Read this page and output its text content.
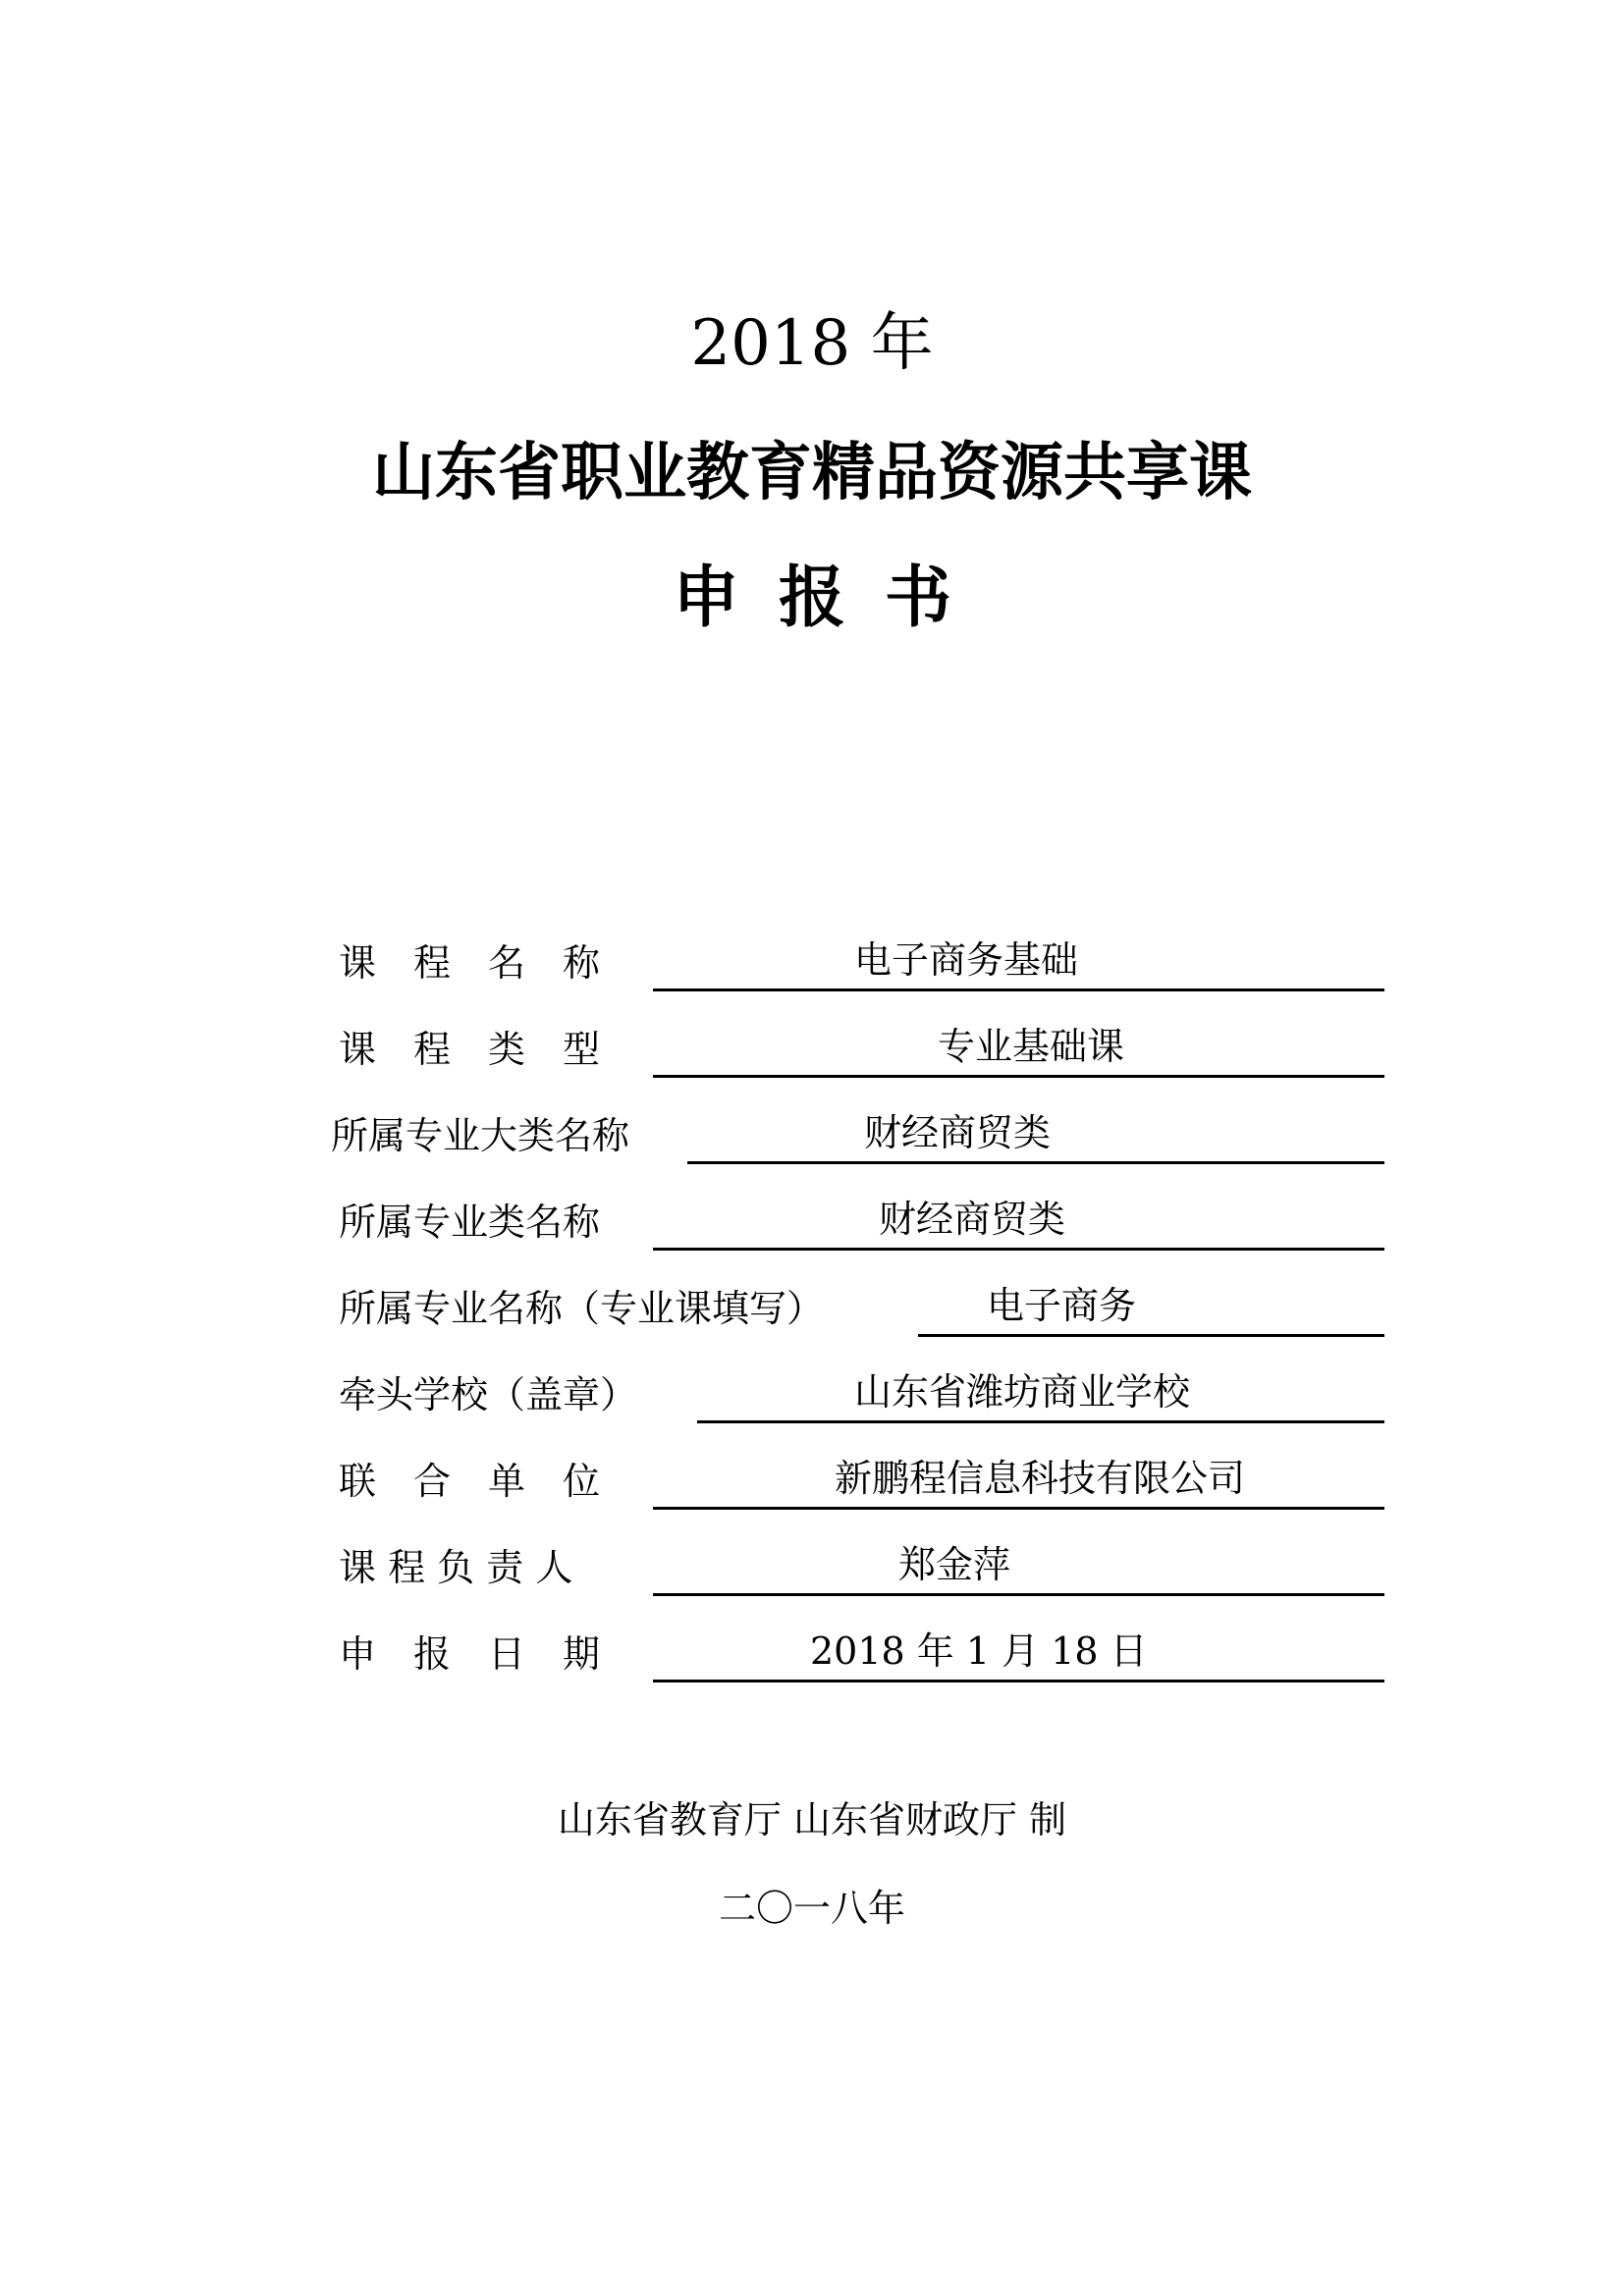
2018 年
山东省职业教育精品资源共享课
申报书
课　程　名　称	电子商务基础
课　程　类　型	专业基础课
所属专业大类名称	财经商贸类
所属专业类名称	财经商贸类
所属专业名称（专业课填写）	电子商务
牵头学校（盖章）	山东省潍坊商业学校
联　合　单　位	新鹏程信息科技有限公司
课 程 负 责 人	郑金萍
申　报　日　期	2018 年 1 月 18 日
山东省教育厅 山东省财政厅 制
二〇一八年
